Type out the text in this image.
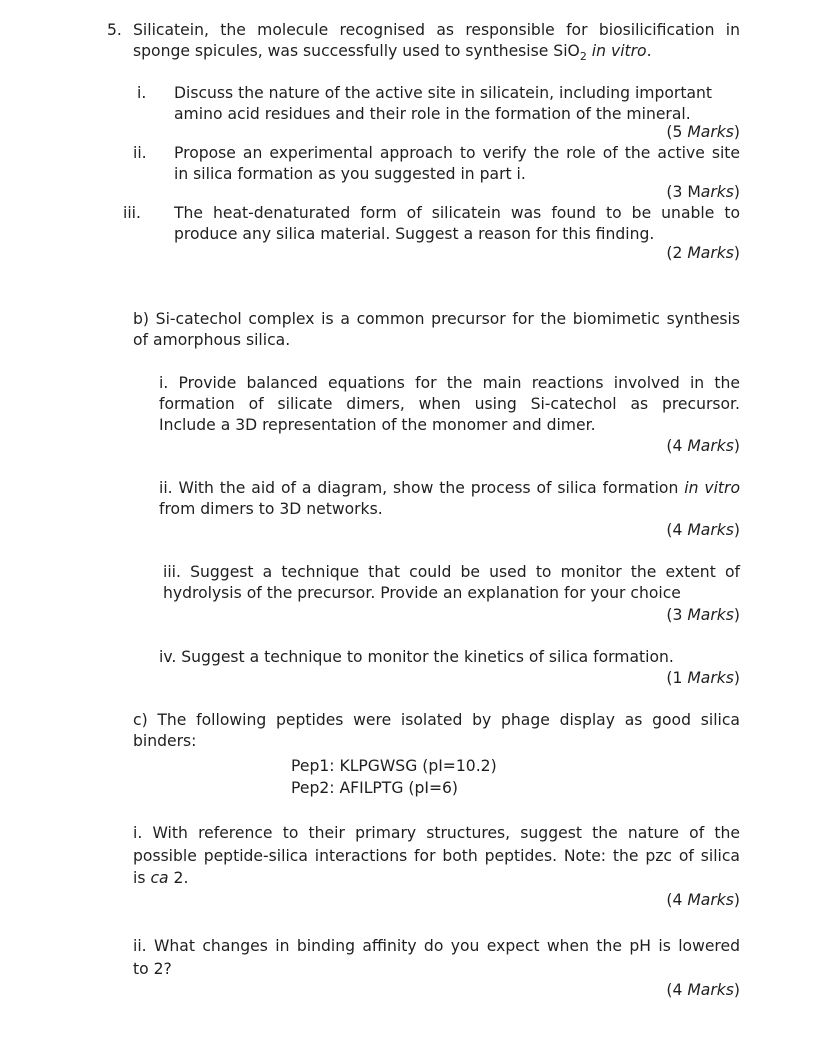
5. Silicatein, the molecule recognised as responsible for biosilicification in
sponge spicules, was successfully used to synthesise SiO$_2$ in vitro.
i. Discuss the nature of the active site in silicatein, including important
amino acid residues and their role in the formation of the mineral.
(5 Marks)
ii. Propose an experimental approach to verify the role of the active site
in silica formation as you suggested in part i.
(3 Marks)
iii. The heat-denaturated form of silicatein was found to be unable to
produce any silica material. Suggest a reason for this finding.
(2 Marks)
b) Si-catechol complex is a common precursor for the biomimetic synthesis
of amorphous silica.
i. Provide balanced equations for the main reactions involved in the
formation of silicate dimers, when using Si-catechol as precursor.
Include a 3D representation of the monomer and dimer.
(4 Marks)
ii. With the aid of a diagram, show the process of silica formation in vitro
from dimers to 3D networks.
(4 Marks)
iii. Suggest a technique that could be used to monitor the extent of
hydrolysis of the precursor. Provide an explanation for your choice
(3 Marks)
iv. Suggest a technique to monitor the kinetics of silica formation.
(1 Marks)
c) The following peptides were isolated by phage display as good silica
binders:
Pep1: KLPGWSG (pI=10.2)
Pep2: AFILPTG (pI=6)
i. With reference to their primary structures, suggest the nature of the
possible peptide-silica interactions for both peptides. Note: the pzc of silica
is ca 2.
(4 Marks)
ii. What changes in binding affinity do you expect when the pH is lowered
to 2?
(4 Marks)
